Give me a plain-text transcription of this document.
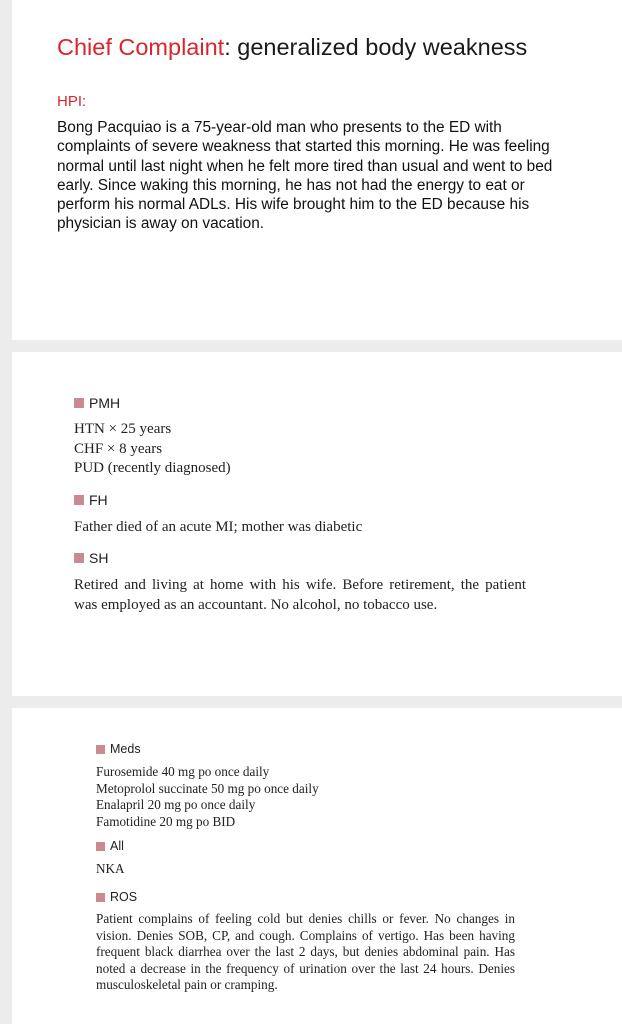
Chief Complaint: generalized body weakness
HPI:

Bong Pacquiao is a 75-year-old man who presents to the ED with complaints of severe weakness that started this morning. He was feeling normal until last night when he felt more tired than usual and went to bed early. Since waking this morning, he has not had the energy to eat or perform his normal ADLs. His wife brought him to the ED because his physician is away on vacation.

PMH
HTN × 25 years
CHF × 8 years
PUD (recently diagnosed)
FH

Father died of an acute MI; mother was diabetic

SH

Retired and living at home with his wife. Before retirement, the patient was employed as an accountant. No alcohol, no tobacco use.

Meds
Furosemide 40 mg po once daily
Metoprolol succinate 50 mg po once daily
Enalapril 20 mg po once daily
Famotidine 20 mg po BID
All

NKA

ROS

Patient complains of feeling cold but denies chills or fever. No changes in vision. Denies SOB, CP, and cough. Complains of vertigo. Has been having frequent black diarrhea over the last 2 days, but denies abdominal pain. Has noted a decrease in the frequency of urination over the last 24 hours. Denies musculoskeletal pain or cramping.
